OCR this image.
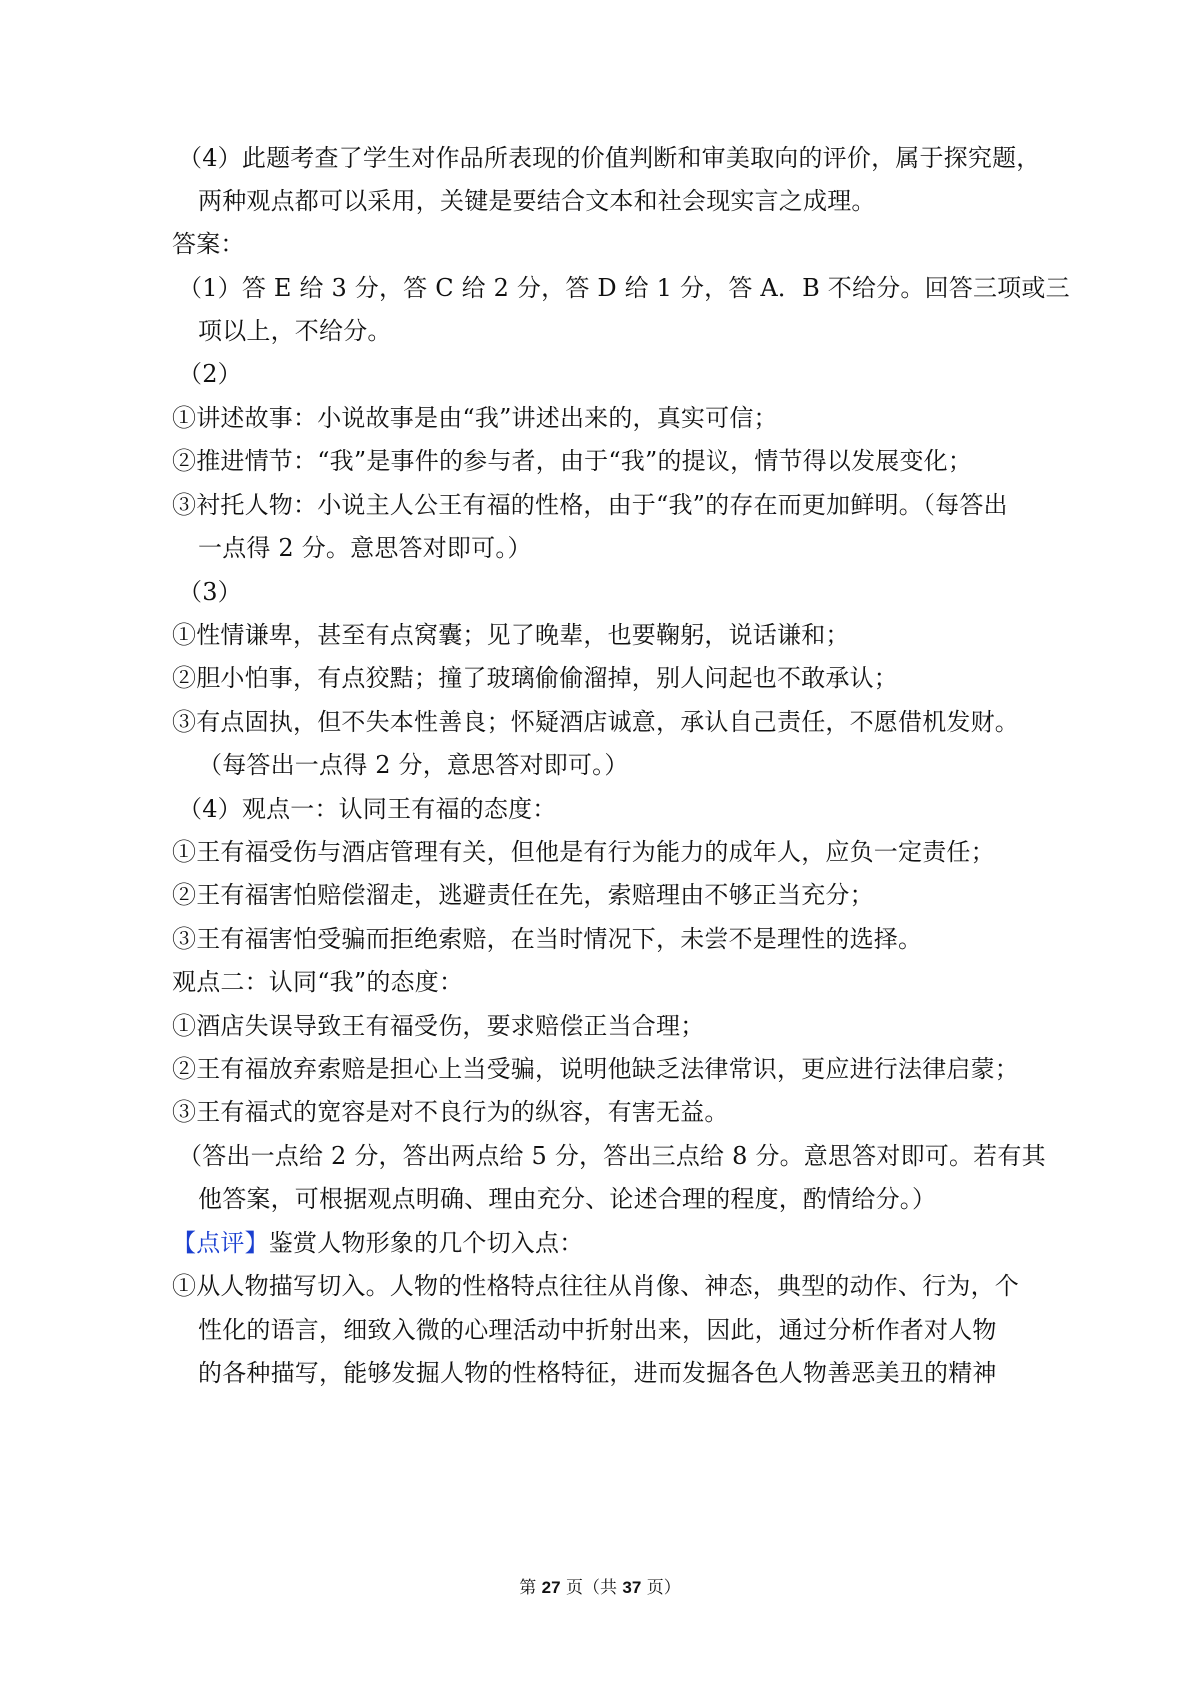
（4）此题考查了学生对作品所表现的价值判断和审美取向的评价，属于探究题，
两种观点都可以采用，关键是要结合文本和社会现实言之成理。
答案：
（1）答 E 给 3 分，答 C 给 2 分，答 D 给 1 分，答 A．B 不给分。回答三项或三
项以上，不给分。
（2）
①讲述故事：小说故事是由“我”讲述出来的，真实可信；
②推进情节：“我”是事件的参与者，由于“我”的提议，情节得以发展变化；
③衬托人物：小说主人公王有福的性格，由于“我”的存在而更加鲜明。（每答出
一点得 2 分。意思答对即可。）
（3）
①性情谦卑，甚至有点窝囊；见了晚辈，也要鞠躬，说话谦和；
②胆小怕事，有点狡黠；撞了玻璃偷偷溜掉，别人问起也不敢承认；
③有点固执，但不失本性善良；怀疑酒店诚意，承认自己责任，不愿借机发财。
（每答出一点得 2 分，意思答对即可。）
（4）观点一：认同王有福的态度：
①王有福受伤与酒店管理有关，但他是有行为能力的成年人，应负一定责任；
②王有福害怕赔偿溜走，逃避责任在先，索赔理由不够正当充分；
③王有福害怕受骗而拒绝索赔，在当时情况下，未尝不是理性的选择。
观点二：认同“我”的态度：
①酒店失误导致王有福受伤，要求赔偿正当合理；
②王有福放弃索赔是担心上当受骗，说明他缺乏法律常识，更应进行法律启蒙；
③王有福式的宽容是对不良行为的纵容，有害无益。
（答出一点给 2 分，答出两点给 5 分，答出三点给 8 分。意思答对即可。若有其
他答案，可根据观点明确、理由充分、论述合理的程度，酌情给分。）
【点评】鉴赏人物形象的几个切入点：
①从人物描写切入。人物的性格特点往往从肖像、神态，典型的动作、行为，个
性化的语言，细致入微的心理活动中折射出来，因此，通过分析作者对人物
的各种描写，能够发掘人物的性格特征，进而发掘各色人物善恶美丑的精神
第 27 页（共 37 页）
